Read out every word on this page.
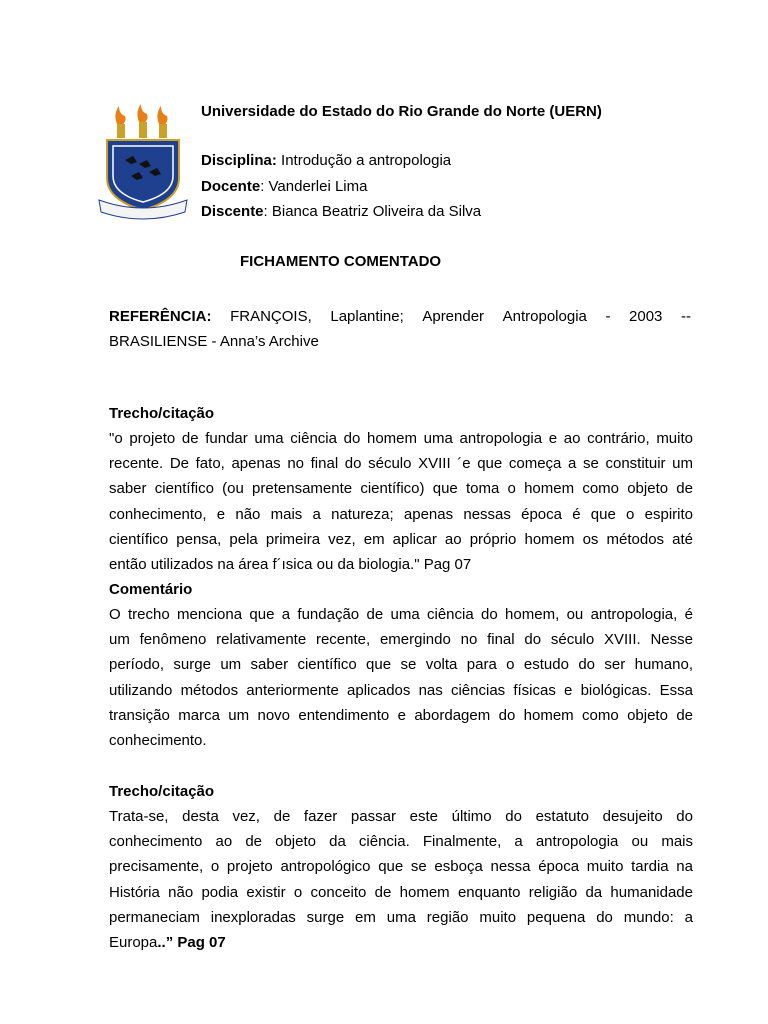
Universidade do Estado do Rio Grande do Norte (UERN)
Disciplina: Introdução a antropologia
Docente: Vanderlei Lima
Discente: Bianca Beatriz Oliveira da Silva
FICHAMENTO COMENTADO
REFERÊNCIA: FRANÇOIS, Laplantine; Aprender Antropologia - 2003 --
BRASILIENSE - Anna’s Archive
Trecho/citação
"o projeto de fundar uma ciência do homem uma antropologia e ao contrário, muito
recente. De fato, apenas no final do século XVIII ´e que começa a se constituir um
saber científico (ou pretensamente científico) que toma o homem como objeto de
conhecimento, e não mais a natureza; apenas nessas época é que o espirito
científico pensa, pela primeira vez, em aplicar ao próprio homem os métodos até
então utilizados na área f´ısica ou da biologia." Pag 07
Comentário
O trecho menciona que a fundação de uma ciência do homem, ou antropologia, é
um fenômeno relativamente recente, emergindo no final do século XVIII. Nesse
período, surge um saber científico que se volta para o estudo do ser humano,
utilizando métodos anteriormente aplicados nas ciências físicas e biológicas. Essa
transição marca um novo entendimento e abordagem do homem como objeto de
conhecimento.
Trecho/citação
Trata-se, desta vez, de fazer passar este último do estatuto desujeito do
conhecimento ao de objeto da ciência. Finalmente, a antropologia ou mais
precisamente, o projeto antropológico que se esboça nessa época muito tardia na
História não podia existir o conceito de homem enquanto religião da humanidade
permaneciam inexploradas surge em uma região muito pequena do mundo: a
Europa..” Pag 07
